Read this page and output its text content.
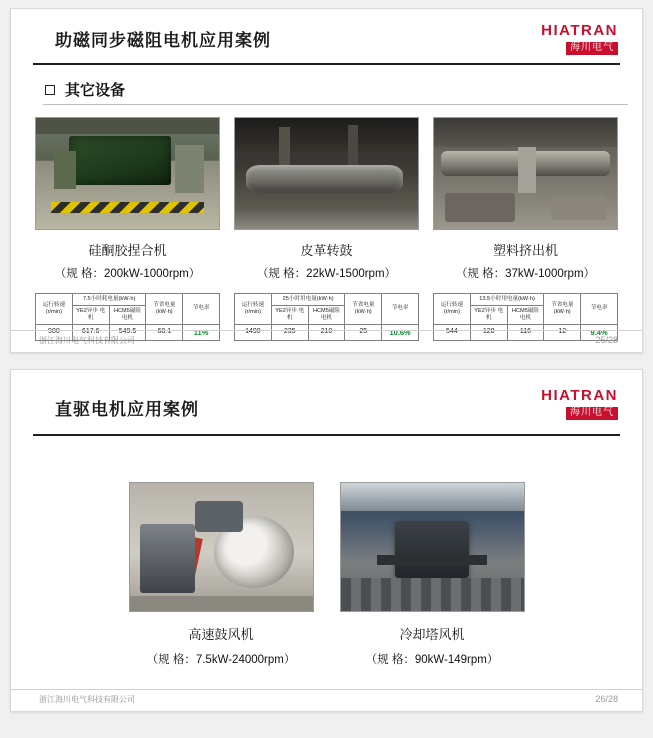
助磁同步磁阻电机应用案例
HIATRAN
海川电气
其它设备
硅酮胶捏合机
（规 格：200kW-1000rpm）
皮革转鼓
（规 格：22kW-1500rpm）
塑料挤出机
（规 格：37kW-1000rpm）
运行转速 (r/min)	7.5小时耗电量(kW·h)		节省电量 (kW·h)	节电率
	YE2异步 电机	HCM5磁阻 电机		
980	617.6	549.5	68.1	11%
运行转速 (r/min)	25小时用电量(kW·h)		节省电量 (kW·h)	节电率
	YE2异步 电机	HCM5磁阻 电机		
1490	235	210	25	10.6%
运行转速 (r/min)	13.5小时用电量(kW·h)		节省电量 (kW·h)	节电率
	YE2异步 电机	HCM5磁阻 电机		
544	128	116	12	9.4%
浙江海川电气科技有限公司	25/28
直驱电机应用案例
HIATRAN
海川电气
高速鼓风机
（规 格：7.5kW-24000rpm）
冷却塔风机
（规 格：90kW-149rpm）
浙江海川电气科技有限公司	26/28
